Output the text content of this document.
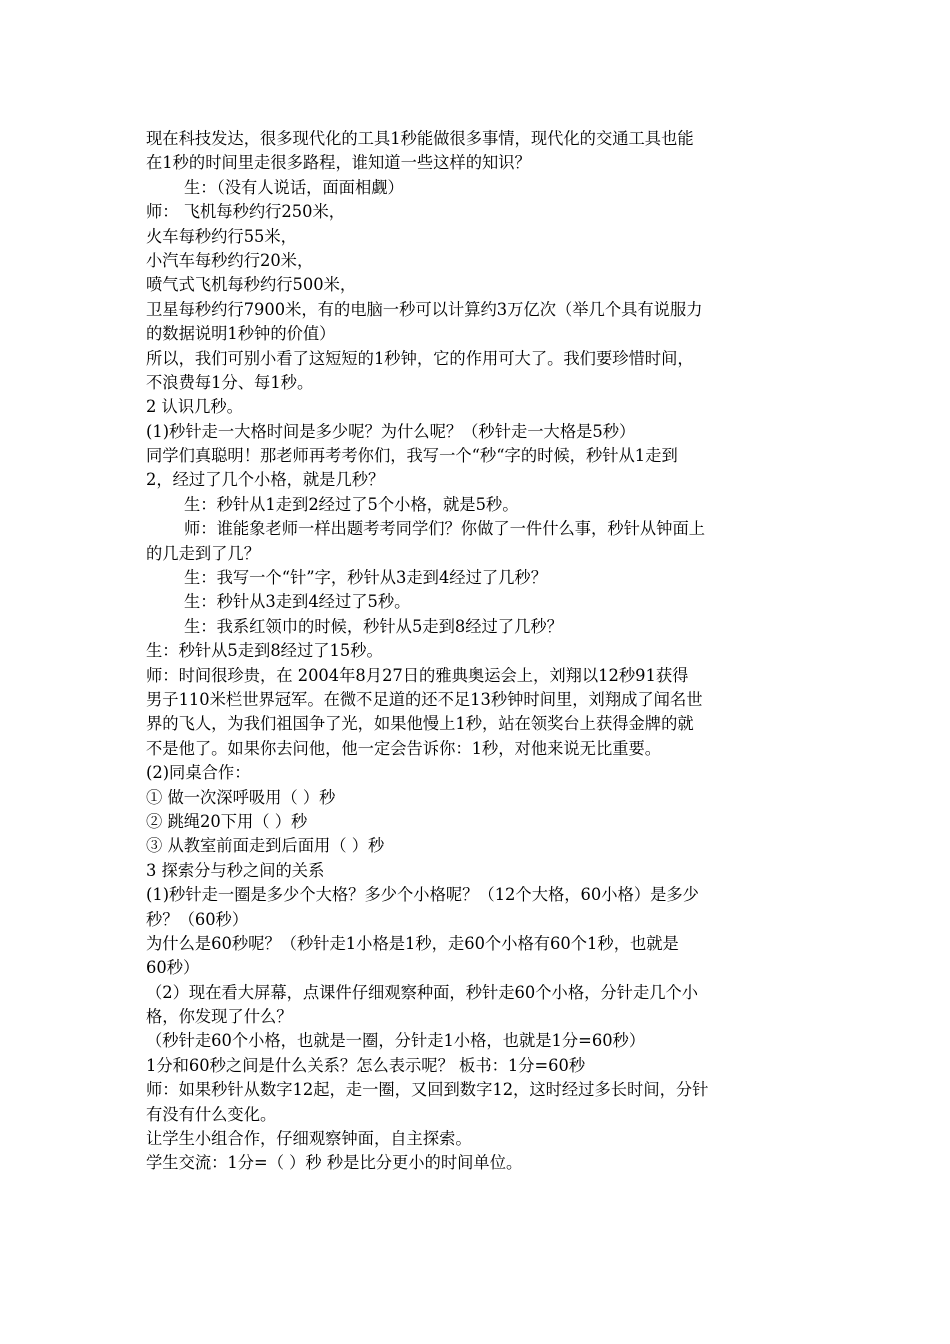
现在科技发达，很多现代化的工具1秒能做很多事情，现代化的交通工具也能
在1秒的时间里走很多路程，谁知道一些这样的知识？
生：（没有人说话，面面相觑）
师： 飞机每秒约行250米，
火车每秒约行55米，
小汽车每秒约行20米，
喷气式飞机每秒约行500米，
卫星每秒约行7900米，有的电脑一秒可以计算约3万亿次（举几个具有说服力
的数据说明1秒钟的价值）
所以，我们可别小看了这短短的1秒钟，它的作用可大了。我们要珍惜时间，
不浪费每1分、每1秒。
2 认识几秒。
(1)秒针走一大格时间是多少呢？为什么呢？（秒针走一大格是5秒）
同学们真聪明！那老师再考考你们，我写一个“秒“字的时候，秒针从1走到
2，经过了几个小格，就是几秒？
生：秒针从1走到2经过了5个小格，就是5秒。
师：谁能象老师一样出题考考同学们？你做了一件什么事，秒针从钟面上
的几走到了几？
生：我写一个“针”字，秒针从3走到4经过了几秒？
生：秒针从3走到4经过了5秒。
生：我系红领巾的时候，秒针从5走到8经过了几秒？
生：秒针从5走到8经过了15秒。
师：时间很珍贵，在 2004年8月27日的雅典奥运会上，刘翔以12秒91获得
男子110米栏世界冠军。在微不足道的还不足13秒钟时间里，刘翔成了闻名世
界的飞人，为我们祖国争了光，如果他慢上1秒，站在领奖台上获得金牌的就
不是他了。如果你去问他，他一定会告诉你：1秒，对他来说无比重要。
(2)同桌合作：
① 做一次深呼吸用（ ）秒
② 跳绳20下用（ ）秒
③ 从教室前面走到后面用（ ）秒
3 探索分与秒之间的关系
(1)秒针走一圈是多少个大格？多少个小格呢？（12个大格，60小格）是多少
秒？（60秒）
为什么是60秒呢？（秒针走1小格是1秒，走60个小格有60个1秒，也就是
60秒）
（2）现在看大屏幕，点课件仔细观察种面，秒针走60个小格，分针走几个小
格，你发现了什么？
（秒针走60个小格，也就是一圈，分针走1小格，也就是1分=60秒）
1分和60秒之间是什么关系？怎么表示呢？ 板书：1分=60秒
师：如果秒针从数字12起，走一圈，又回到数字12，这时经过多长时间，分针
有没有什么变化。
让学生小组合作，仔细观察钟面，自主探索。
学生交流：1分=（ ）秒 秒是比分更小的时间单位。
